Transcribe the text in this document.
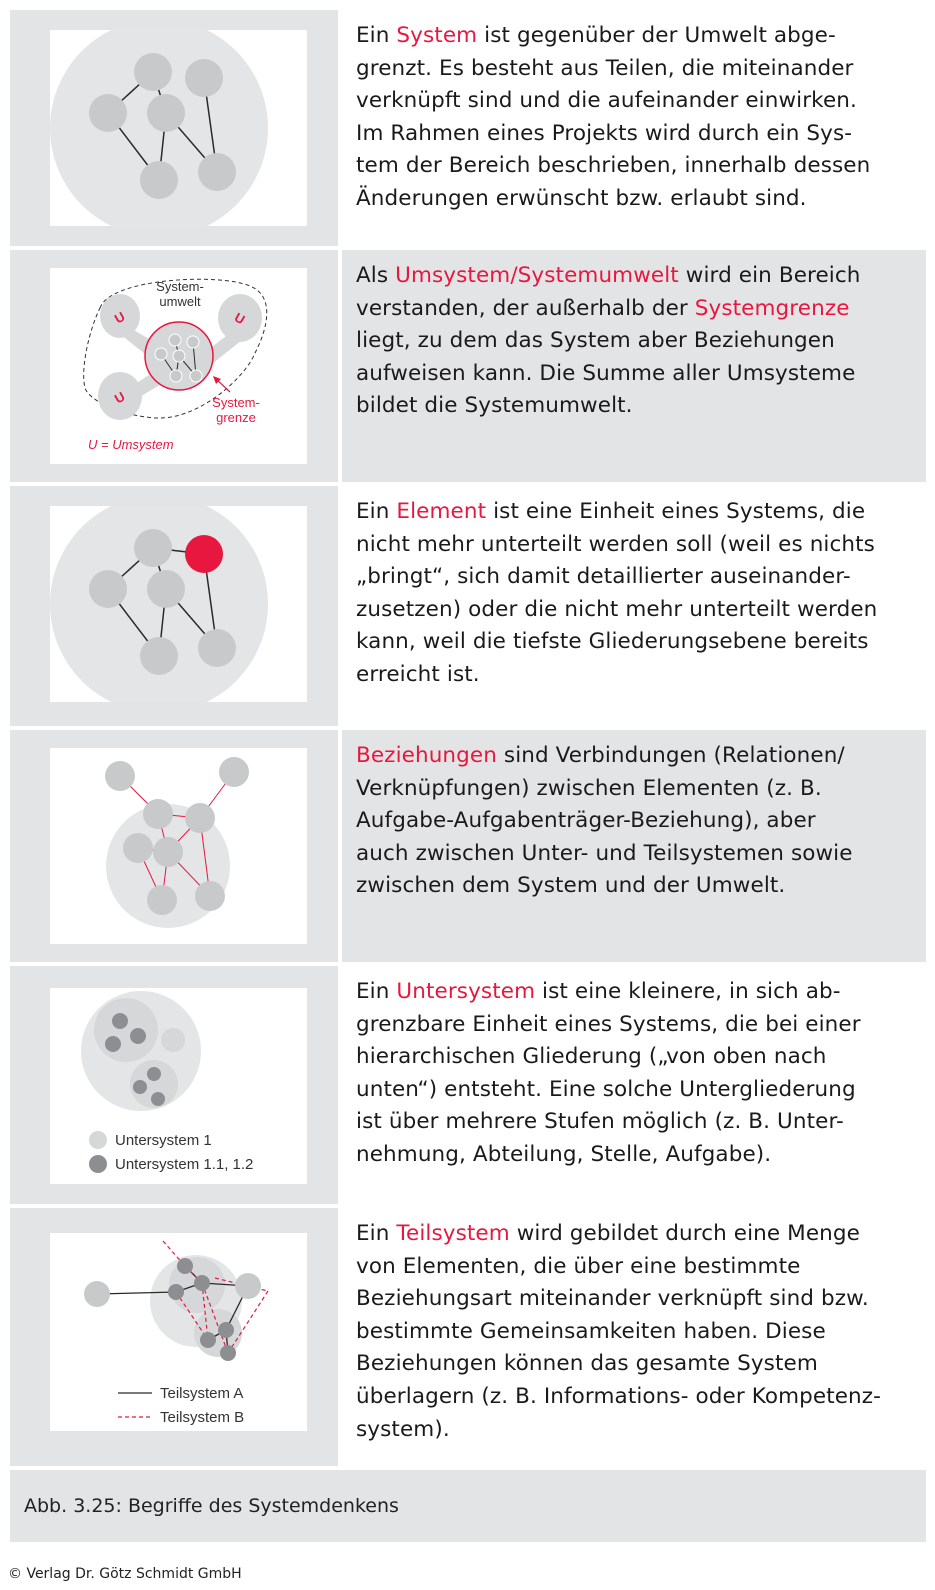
Ein System ist gegenüber der Umwelt abge-
grenzt. Es besteht aus Teilen, die miteinander
verknüpft sind und die aufeinander einwirken.
Im Rahmen eines Projekts wird durch ein Sys-
tem der Bereich beschrieben, innerhalb dessen
Änderungen erwünscht bzw. erlaubt sind.
U	U
U
System-
umwelt
System-
grenze
U = Umsystem
Als Umsystem/Systemumwelt wird ein Bereich
verstanden, der außerhalb der Systemgrenze
liegt, zu dem das System aber Beziehungen
aufweisen kann. Die Summe aller Umsysteme
bildet die Systemumwelt.
Ein Element ist eine Einheit eines Systems, die
nicht mehr unterteilt werden soll (weil es nichts
„bringt“, sich damit detaillierter auseinander-
zusetzen) oder die nicht mehr unterteilt werden
kann, weil die tiefste Gliederungsebene bereits
erreicht ist.
Beziehungen sind Verbindungen (Relationen/
Verknüpfungen) zwischen Elementen (z. B.
Aufgabe-Aufgabenträger-Beziehung), aber
auch zwischen Unter- und Teilsystemen sowie
zwischen dem System und der Umwelt.
Untersystem 1
Untersystem 1.1, 1.2
Ein Untersystem ist eine kleinere, in sich ab-
grenzbare Einheit eines Systems, die bei einer
hierarchischen Gliederung („von oben nach
unten“) entsteht. Eine solche Untergliederung
ist über mehrere Stufen möglich (z. B. Unter-
nehmung, Abteilung, Stelle, Aufgabe).
Teilsystem A
Teilsystem B
Ein Teilsystem wird gebildet durch eine Menge
von Elementen, die über eine bestimmte
Beziehungsart miteinander verknüpft sind bzw.
bestimmte Gemeinsamkeiten haben. Diese
Beziehungen können das gesamte System
überlagern (z. B. Informations- oder Kompetenz-
system).
Abb. 3.25: Begriffe des Systemdenkens
© Verlag Dr. Götz Schmidt GmbH
